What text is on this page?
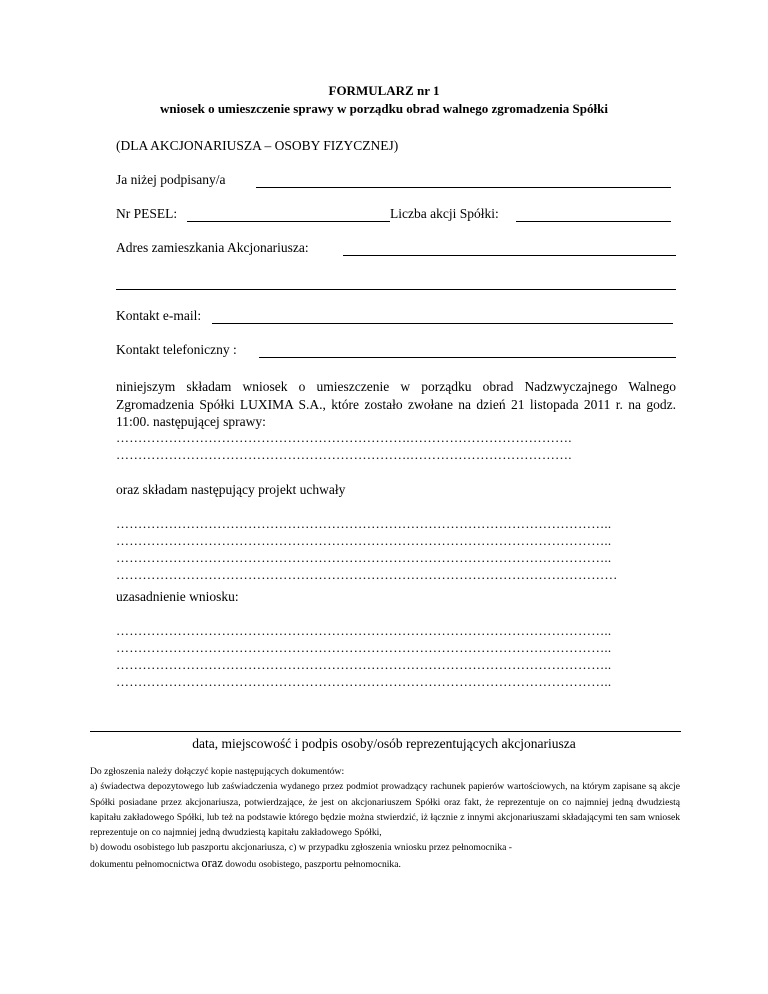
FORMULARZ nr 1
wniosek o umieszczenie sprawy w porządku obrad walnego zgromadzenia Spółki
(DLA AKCJONARIUSZA – OSOBY FIZYCZNEJ)
Ja niżej podpisany/a
Nr PESEL:	Liczba akcji Spółki:
Adres zamieszkania Akcjonariusza:
Kontakt e-mail:
Kontakt telefoniczny :
niniejszym składam wniosek o umieszczenie w porządku obrad Nadzwyczajnego Walnego Zgromadzenia Spółki LUXIMA S.A., które zostało zwołane na dzień 21 listopada 2011 r. na godz. 11:00. następującej sprawy:
………………………………………………………….……………………………….
………………………………………………………….……………………………….
oraz składam następujący projekt uchwały
…………………………………………………………………………………………………..
…………………………………………………………………………………………………..
…………………………………………………………………………………………………..
……………………………………………………………………………………………………
uzasadnienie wniosku:
…………………………………………………………………………………………………..
…………………………………………………………………………………………………..
…………………………………………………………………………………………………..
…………………………………………………………………………………………………..
data, miejscowość i podpis osoby/osób reprezentujących akcjonariusza
Do zgłoszenia należy dołączyć kopie następujących dokumentów:
a) świadectwa depozytowego lub zaświadczenia wydanego przez podmiot prowadzący rachunek papierów wartościowych, na którym zapisane są akcje Spółki posiadane przez akcjonariusza, potwierdzające, że jest on akcjonariuszem Spółki oraz fakt, że reprezentuje on co najmniej jedną dwudziestą kapitału zakładowego Spółki, lub też na podstawie którego będzie można stwierdzić, iż łącznie z innymi akcjonariuszami składającymi ten sam wniosek reprezentuje on co najmniej jedną dwudziestą kapitału zakładowego Spółki,
b) dowodu osobistego lub paszportu akcjonariusza, c) w przypadku zgłoszenia wniosku przez pełnomocnika -
dokumentu pełnomocnictwa oraz dowodu osobistego, paszportu pełnomocnika.
